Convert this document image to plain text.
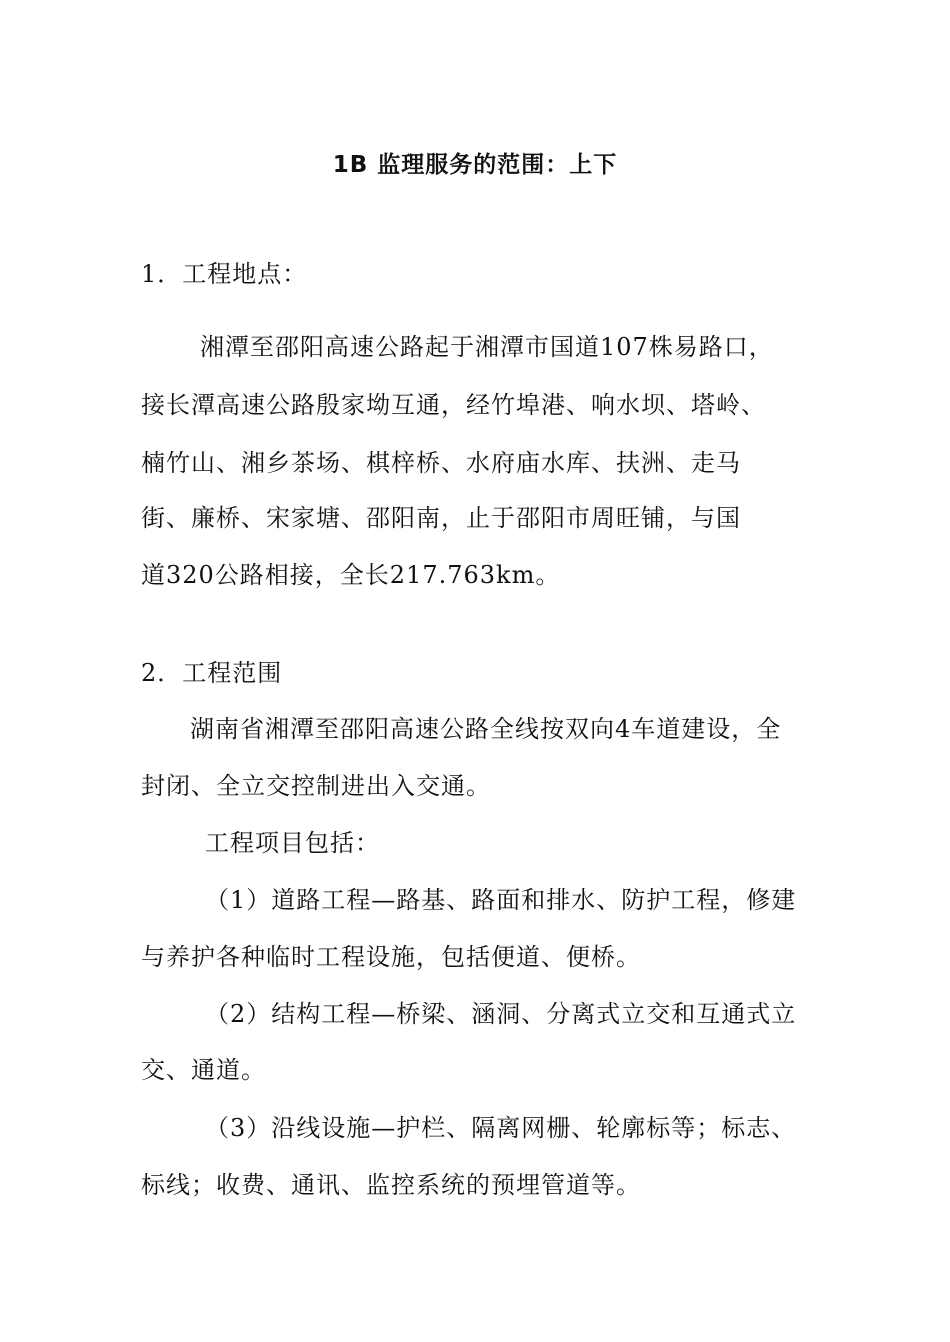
1B 监理服务的范围：上下
1．工程地点：
湘潭至邵阳高速公路起于湘潭市国道107株易路口，
接长潭高速公路殷家坳互通，经竹埠港、响水坝、塔岭、
楠竹山、湘乡茶场、棋梓桥、水府庙水库、扶洲、走马
街、廉桥、宋家塘、邵阳南，止于邵阳市周旺铺，与国
道320公路相接，全长217.763km。
2．工程范围
湖南省湘潭至邵阳高速公路全线按双向4车道建设，全
封闭、全立交控制进出入交通。
工程项目包括：
（1）道路工程—路基、路面和排水、防护工程，修建
与养护各种临时工程设施，包括便道、便桥。
（2）结构工程—桥梁、涵洞、分离式立交和互通式立
交、通道。
（3）沿线设施—护栏、隔离网栅、轮廓标等；标志、
标线；收费、通讯、监控系统的预埋管道等。
